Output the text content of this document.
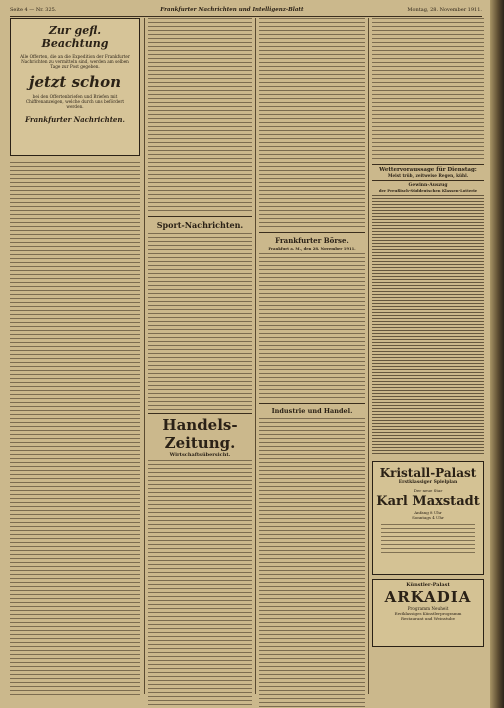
Seite 4 — Nr. 325.	Frankfurter Nachrichten und Intelligenz-Blatt	Montag, 28. November 1911.
Zur gefl. Beachtung
Alle Offerten, die an die Expedition der Frankfurter Nachrichten zu vermitteln sind, werden am selben Tage zur Post gegeben.
jetzt schon
bei den Offertenbriefen und Briefen mit Chiffrenanzeigen, welche durch uns befördert werden.
Frankfurter Nachrichten.
Sport-Nachrichten.
Handels-Zeitung.
Wirtschaftsübersicht.
Frankfurter Börse.
Frankfurt a. M., den 28. November 1911.
Industrie und Handel.
Wettervoraussage für Dienstag:
Meist trüb, zeitweise Regen, kühl.
Gewinn-Auszug
der Preußisch-Süddeutschen Klassen-Lotterie
Kristall-Palast
Erstklassiger Spielplan
Der neue Star
Karl Maxstadt
Anfang 8 Uhr
Sonntags 4 Uhr
Künstler-Palast
ARKADIA
Programm Neuheit
Erstklassiges Künstlerprogramm
Restaurant und Weinstube
